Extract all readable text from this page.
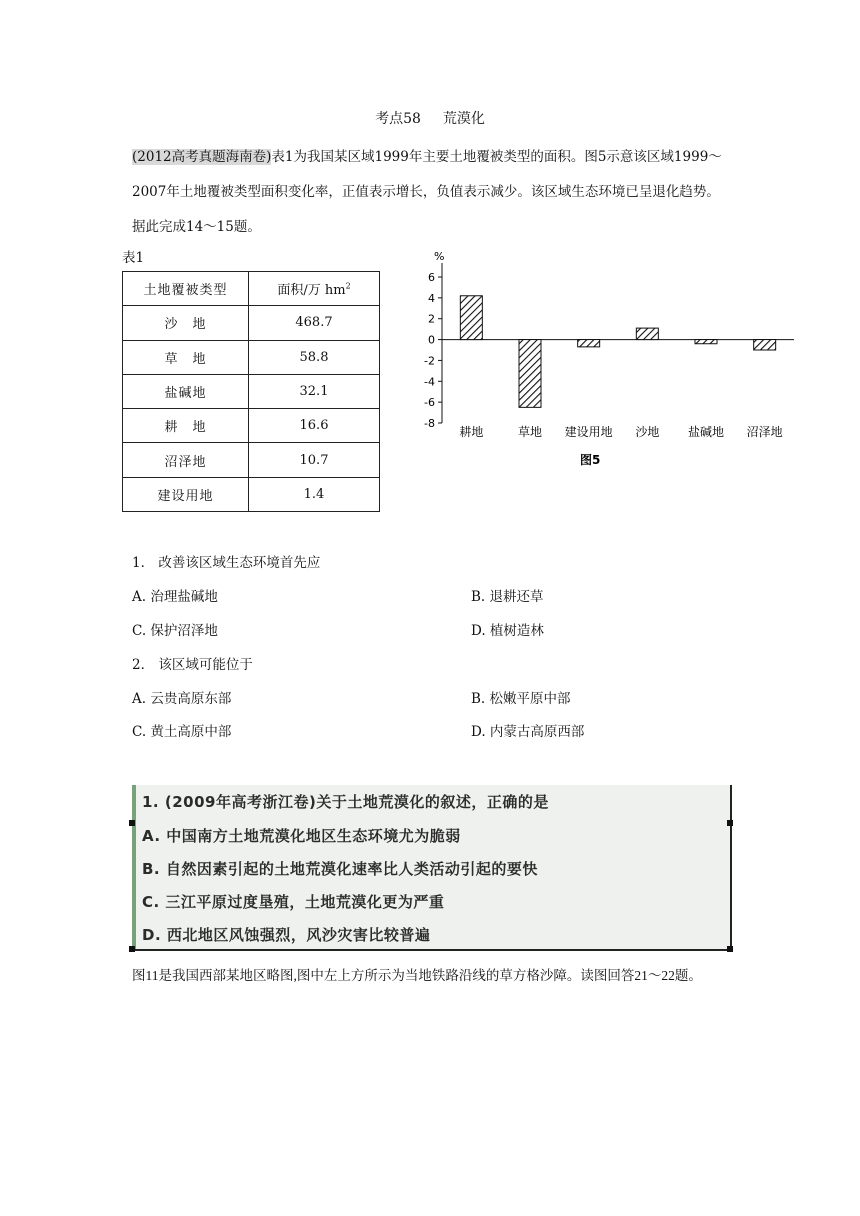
考点58 荒漠化
(2012高考真题海南卷)表1为我国某区域1999年主要土地覆被类型的面积。图5示意该区域1999～2007年土地覆被类型面积变化率，正值表示增长，负值表示减少。该区域生态环境已呈退化趋势。据此完成14～15题。
表1
土地覆被类型	面积/万 $hm^2$
沙　地	468.7
草　地	58.8
盐碱地	32.1
耕　地	16.6
沼泽地	10.7
建设用地	1.4
%
6
4
2
0
-2
-4
-6
-8
耕地	草地 建设用地 沙地 盐碱地 沼泽地
图5
1． 改善该区域生态环境首先应
A. 治理盐碱地	B. 退耕还草
C. 保护沼泽地	D. 植树造林
2． 该区域可能位于
A. 云贵高原东部	B. 松嫩平原中部
C. 黄土高原中部	D. 内蒙古高原西部
1. (2009年高考浙江卷)关于土地荒漠化的叙述，正确的是
A. 中国南方土地荒漠化地区生态环境尤为脆弱
B. 自然因素引起的土地荒漠化速率比人类活动引起的要快
C. 三江平原过度垦殖，土地荒漠化更为严重
D. 西北地区风蚀强烈，风沙灾害比较普遍
图11是我国西部某地区略图,图中左上方所示为当地铁路沿线的草方格沙障。读图回答21～22题。
